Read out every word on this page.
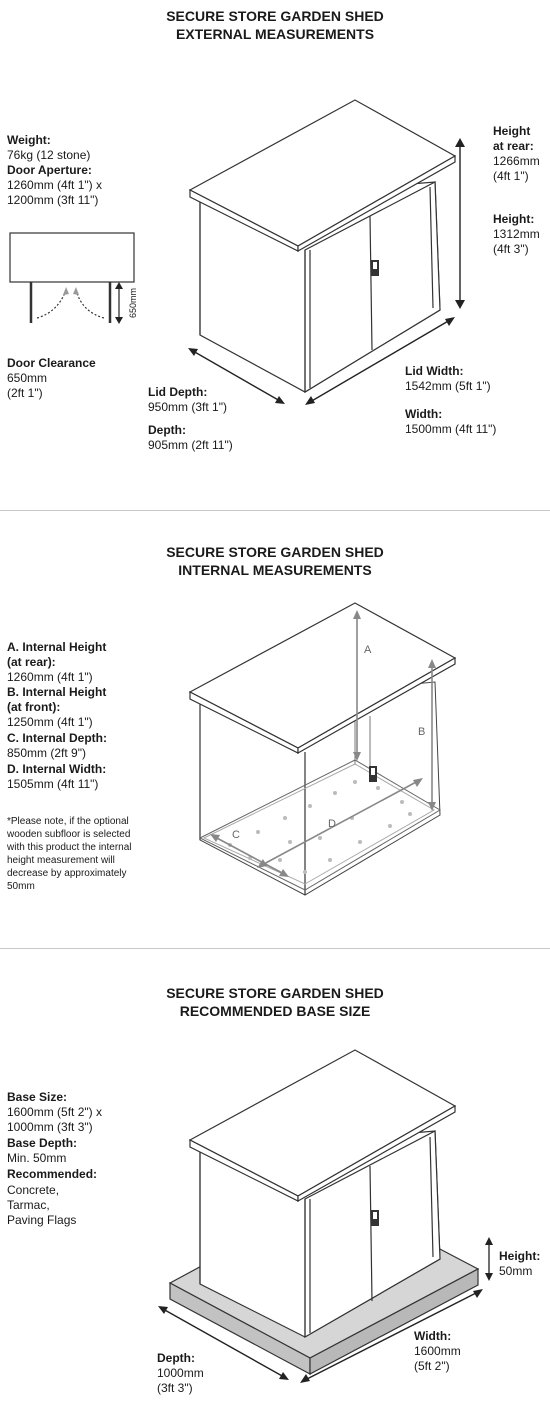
SECURE STORE GARDEN SHED
EXTERNAL MEASUREMENTS
Weight:
76kg (12 stone)
Door Aperture:
1260mm (4ft 1") x
1200mm (3ft 11")
650mm
Door Clearance
650mm
(2ft 1")
Height
at rear:
1266mm
(4ft 1")
Height:
1312mm
(4ft 3")
Lid Width:
1542mm (5ft 1")
Width:
1500mm (4ft 11")
Lid Depth:
950mm (3ft 1")
Depth:
905mm (2ft 11")
SECURE STORE GARDEN SHED
INTERNAL MEASUREMENTS
A. Internal Height
(at rear):
1260mm (4ft 1")
B. Internal Height
(at front):
1250mm (4ft 1")
C. Internal Depth:
850mm (2ft 9")
D. Internal Width:
1505mm (4ft 11")
*Please note, if the optional
wooden subfloor is selected
with this product the internal
height measurement will
decrease by approximately
50mm
A
B
C
D
SECURE STORE GARDEN SHED
RECOMMENDED BASE SIZE
Base Size:
1600mm (5ft 2") x
1000mm (3ft 3")
Base Depth:
Min. 50mm
Recommended:
Concrete,
Tarmac,
Paving Flags
Height:
50mm
Width:
1600mm
(5ft 2")
Depth:
1000mm
(3ft 3")
